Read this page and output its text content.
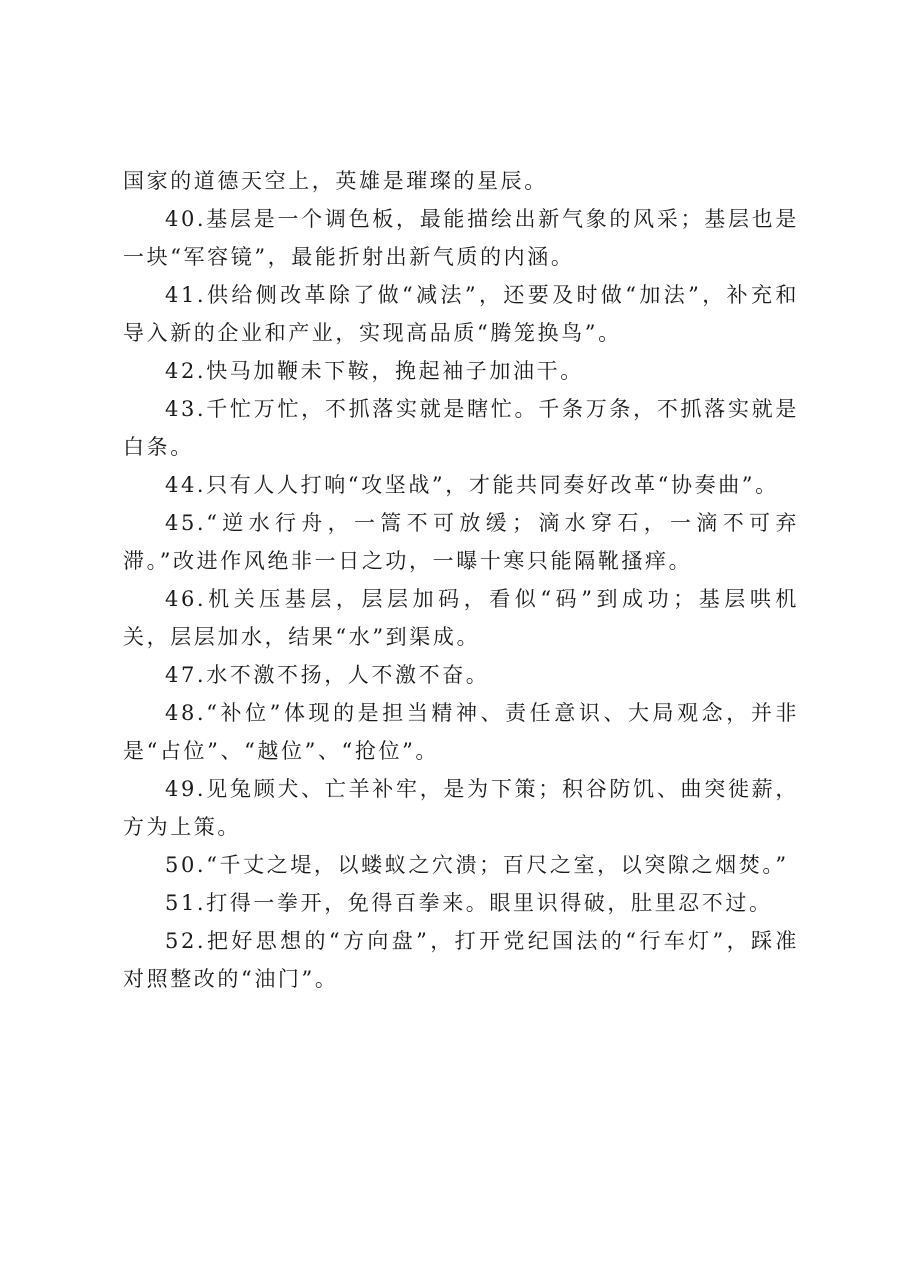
国家的道德天空上，英雄是璀璨的星辰。

40.基层是一个调色板，最能描绘出新气象的风采；基层也是一块“军容镜”，最能折射出新气质的内涵。

41.供给侧改革除了做“减法”，还要及时做“加法”，补充和导入新的企业和产业，实现高品质“腾笼换鸟”。

42.快马加鞭未下鞍，挽起袖子加油干。

43.千忙万忙，不抓落实就是瞎忙。千条万条，不抓落实就是白条。

44.只有人人打响“攻坚战”，才能共同奏好改革“协奏曲”。

45.“逆水行舟，一篙不可放缓；滴水穿石，一滴不可弃滞。”改进作风绝非一日之功，一曝十寒只能隔靴搔痒。

46.机关压基层，层层加码，看似“码”到成功；基层哄机关，层层加水，结果“水”到渠成。

47.水不激不扬，人不激不奋。

48.“补位”体现的是担当精神、责任意识、大局观念，并非是“占位”、“越位”、“抢位”。

49.见兔顾犬、亡羊补牢，是为下策；积谷防饥、曲突徙薪，方为上策。

50.“千丈之堤，以蝼蚁之穴溃；百尺之室，以突隙之烟焚。”

51.打得一拳开，免得百拳来。眼里识得破，肚里忍不过。

52.把好思想的“方向盘”，打开党纪国法的“行车灯”，踩准对照整改的“油门”。
